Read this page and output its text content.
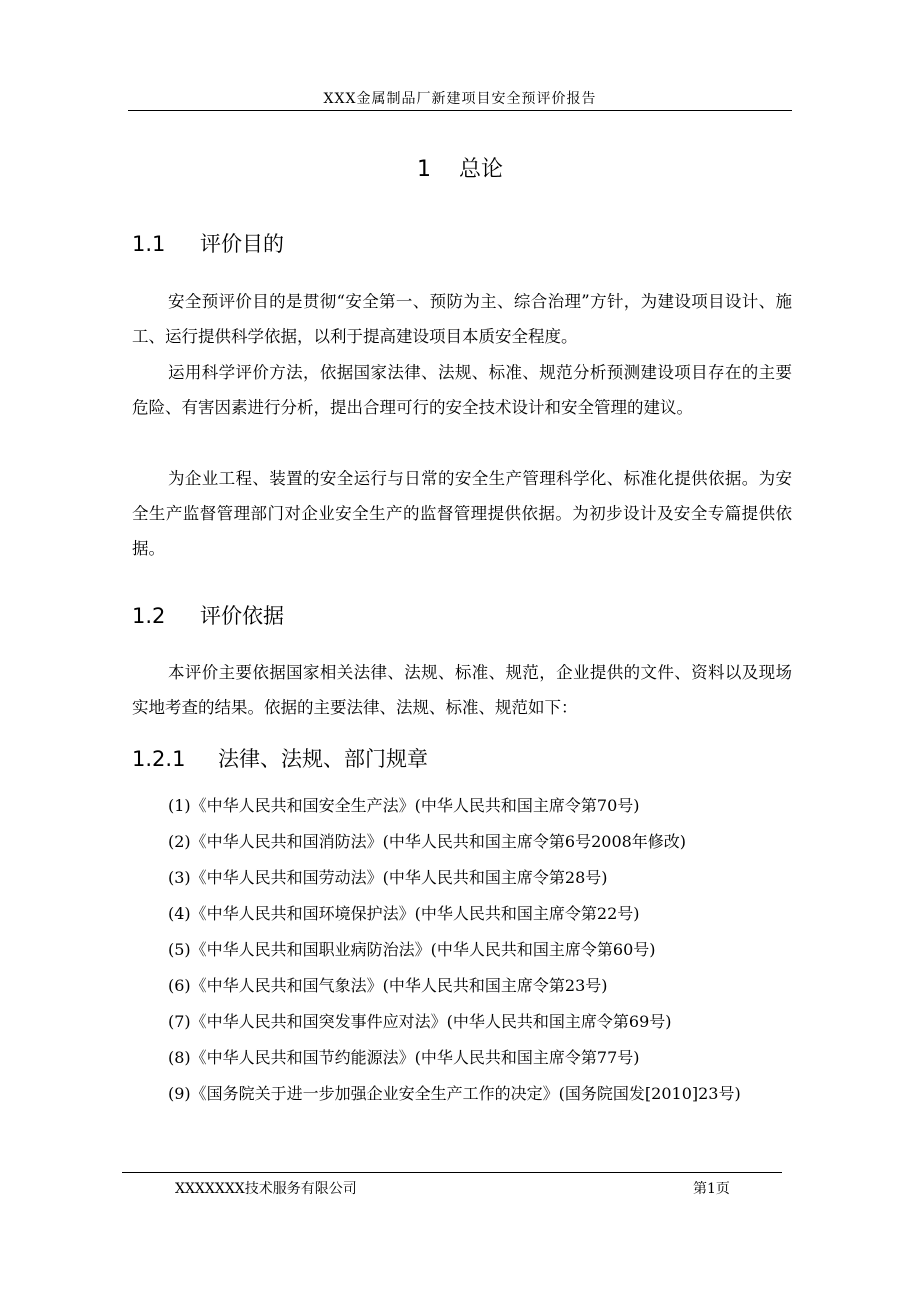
XXX金属制品厂新建项目安全预评价报告
1 总论
1.1 评价目的

安全预评价目的是贯彻“安全第一、预防为主、综合治理”方针，为建设项目设计、施工、运行提供科学依据，以利于提高建设项目本质安全程度。

运用科学评价方法，依据国家法律、法规、标准、规范分析预测建设项目存在的主要危险、有害因素进行分析，提出合理可行的安全技术设计和安全管理的建议。

为企业工程、装置的安全运行与日常的安全生产管理科学化、标准化提供依据。为安全生产监督管理部门对企业安全生产的监督管理提供依据。为初步设计及安全专篇提供依据。

1.2 评价依据

本评价主要依据国家相关法律、法规、标准、规范，企业提供的文件、资料以及现场实地考查的结果。依据的主要法律、法规、标准、规范如下：

1.2.1 法律、法规、部门规章
(1)《中华人民共和国安全生产法》(中华人民共和国主席令第70号)
(2)《中华人民共和国消防法》(中华人民共和国主席令第6号2008年修改)
(3)《中华人民共和国劳动法》(中华人民共和国主席令第28号)
(4)《中华人民共和国环境保护法》(中华人民共和国主席令第22号)
(5)《中华人民共和国职业病防治法》(中华人民共和国主席令第60号)
(6)《中华人民共和国气象法》(中华人民共和国主席令第23号)
(7)《中华人民共和国突发事件应对法》(中华人民共和国主席令第69号)
(8)《中华人民共和国节约能源法》(中华人民共和国主席令第77号)
(9)《国务院关于进一步加强企业安全生产工作的决定》(国务院国发[2010]23号)
XXXXXXX技术服务有限公司	第1页
